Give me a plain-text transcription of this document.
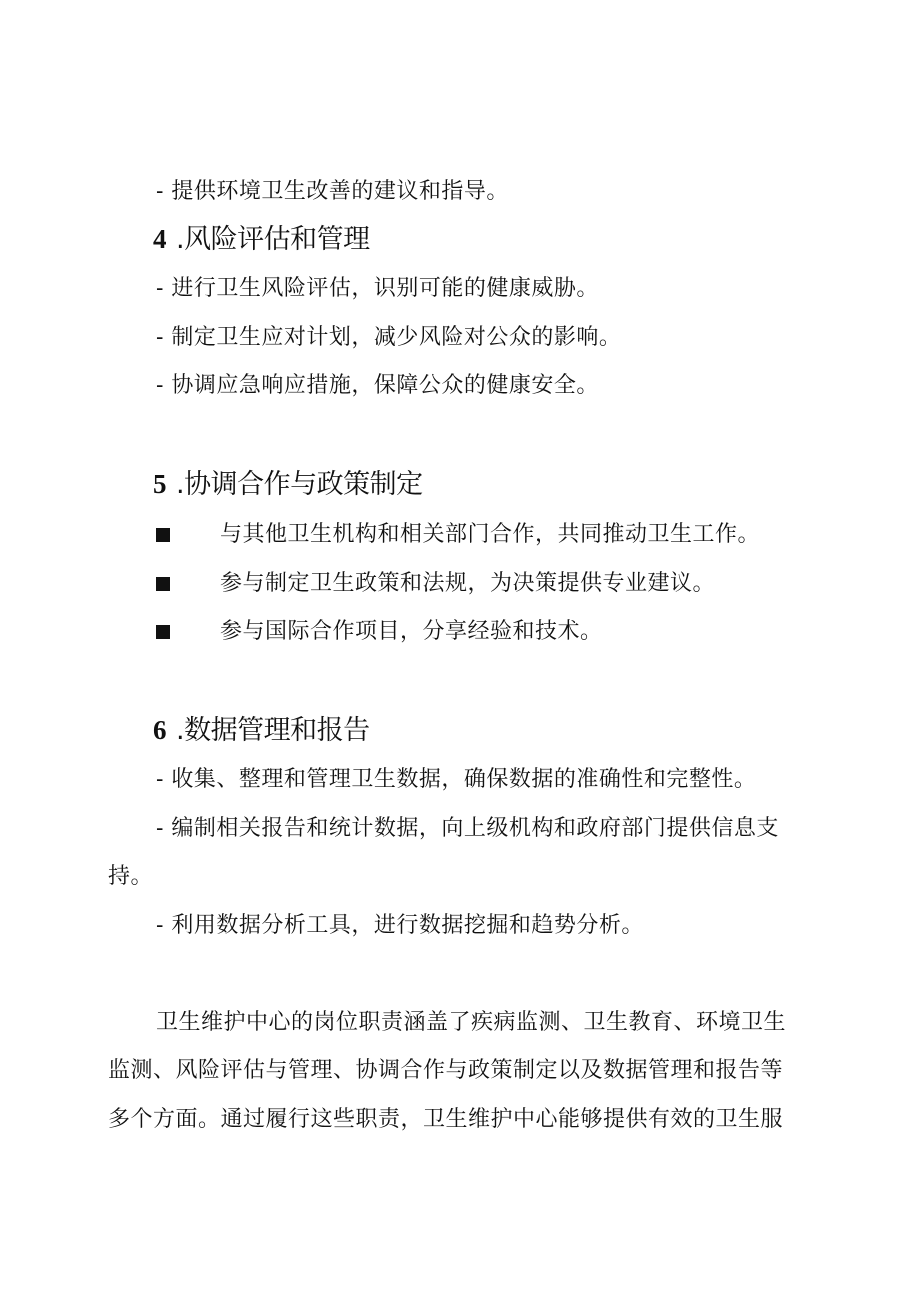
- 提供环境卫生改善的建议和指导。
4 .风险评估和管理
- 进行卫生风险评估，识别可能的健康威胁。
- 制定卫生应对计划，减少风险对公众的影响。
- 协调应急响应措施，保障公众的健康安全。
5 .协调合作与政策制定
与其他卫生机构和相关部门合作，共同推动卫生工作。
参与制定卫生政策和法规，为决策提供专业建议。
参与国际合作项目，分享经验和技术。
6 .数据管理和报告
- 收集、整理和管理卫生数据，确保数据的准确性和完整性。
- 编制相关报告和统计数据，向上级机构和政府部门提供信息支
持。
- 利用数据分析工具，进行数据挖掘和趋势分析。
卫生维护中心的岗位职责涵盖了疾病监测、卫生教育、环境卫生
监测、风险评估与管理、协调合作与政策制定以及数据管理和报告等
多个方面。通过履行这些职责，卫生维护中心能够提供有效的卫生服
